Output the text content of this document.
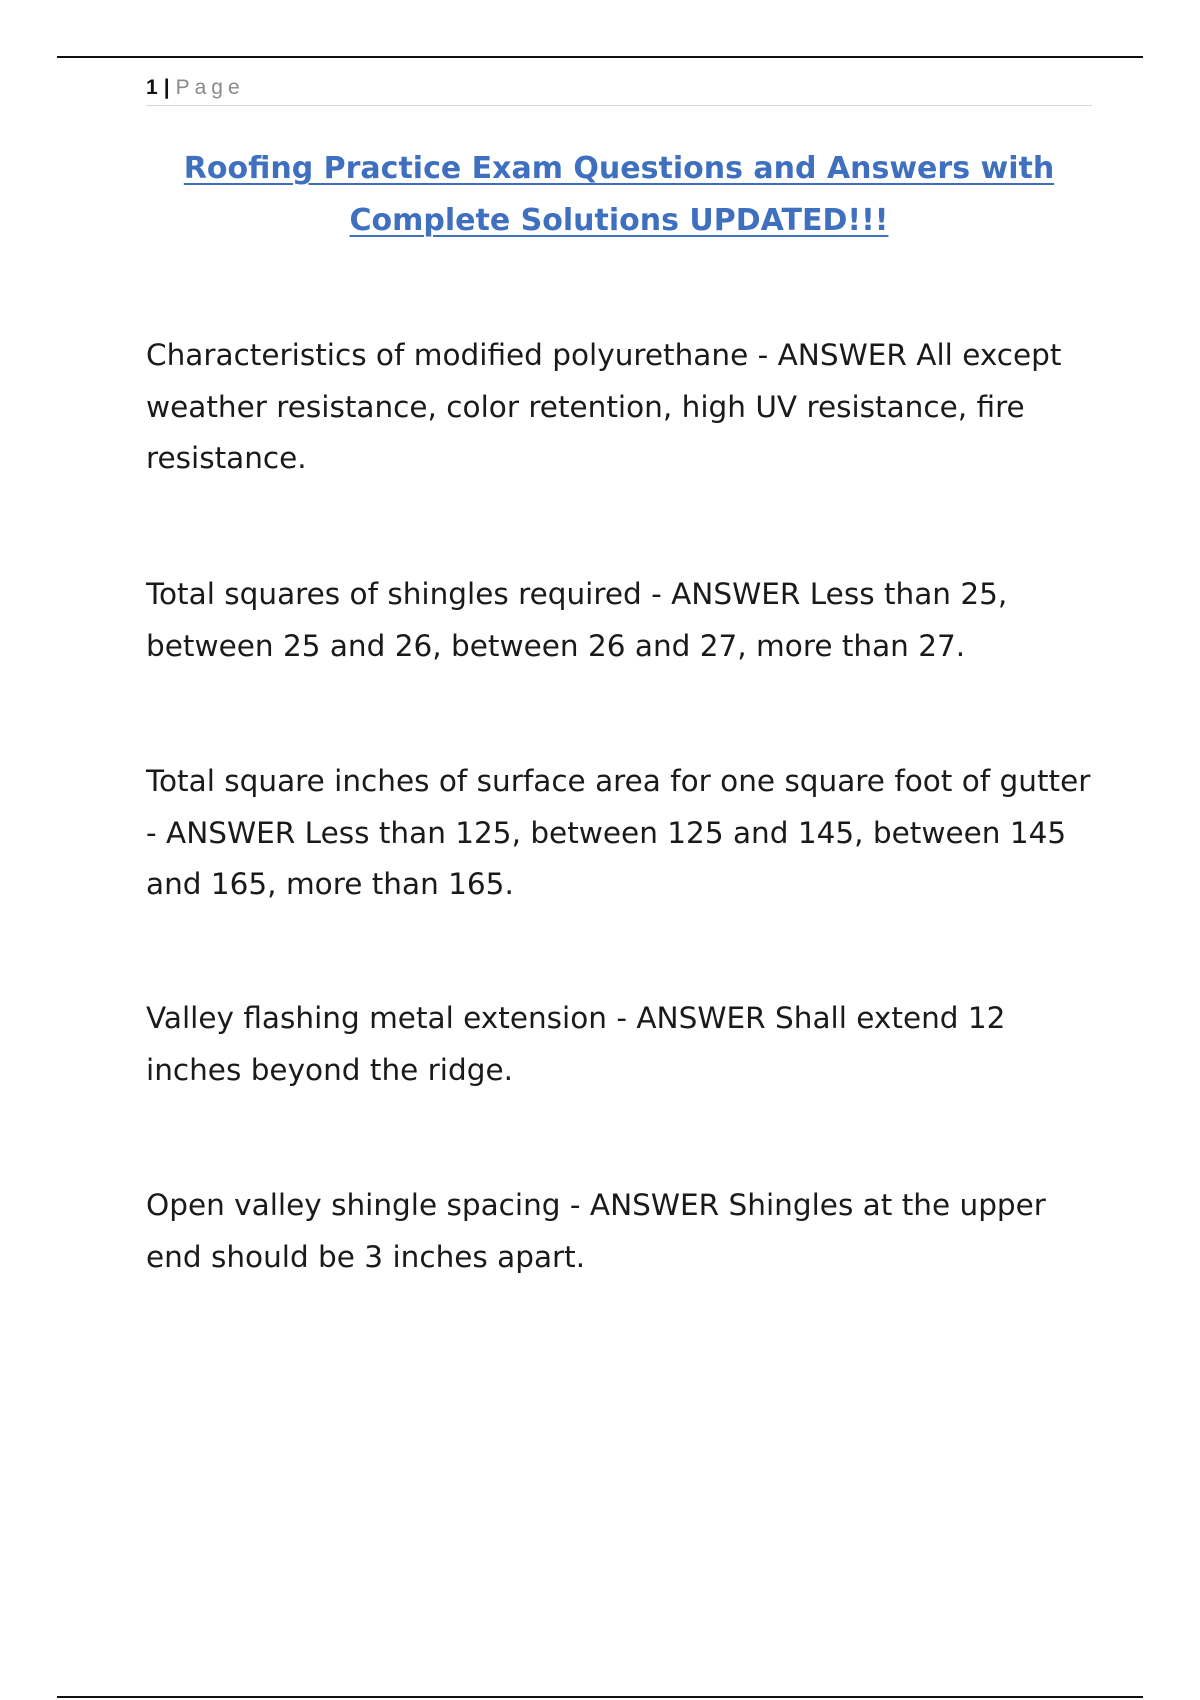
1 | Page
Roofing Practice Exam Questions and Answers with Complete Solutions UPDATED!!!

Characteristics of modified polyurethane - ANSWER All except weather resistance, color retention, high UV resistance, fire resistance.

Total squares of shingles required - ANSWER Less than 25, between 25 and 26, between 26 and 27, more than 27.

Total square inches of surface area for one square foot of gutter - ANSWER Less than 125, between 125 and 145, between 145 and 165, more than 165.

Valley flashing metal extension - ANSWER Shall extend 12 inches beyond the ridge.

Open valley shingle spacing - ANSWER Shingles at the upper end should be 3 inches apart.
